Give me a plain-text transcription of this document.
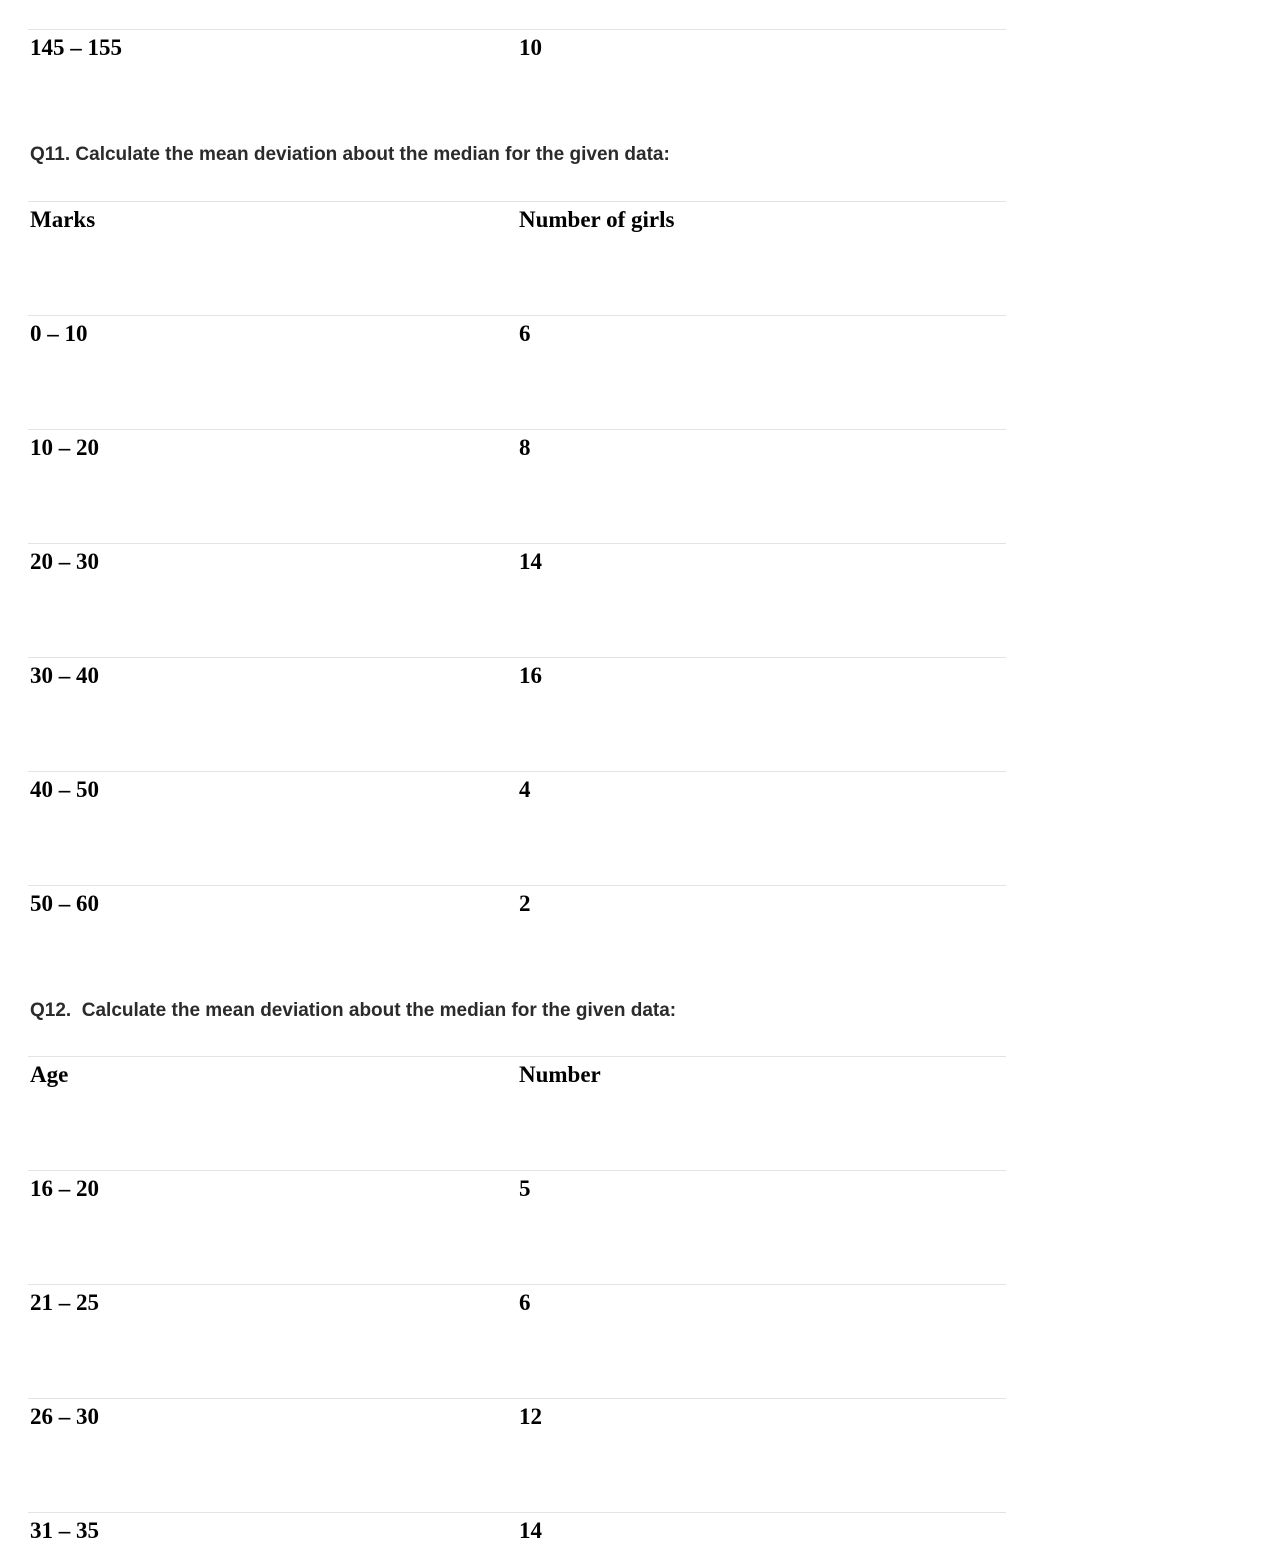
145 – 155	10
Q11. Calculate the mean deviation about the median for the given data:
Marks	Number of girls
0 – 10	6
10 – 20	8
20 – 30	14
30 – 40	16
40 – 50	4
50 – 60	2
Q12.  Calculate the mean deviation about the median for the given data:
Age	Number
16 – 20	5
21 – 25	6
26 – 30	12
31 – 35	14
